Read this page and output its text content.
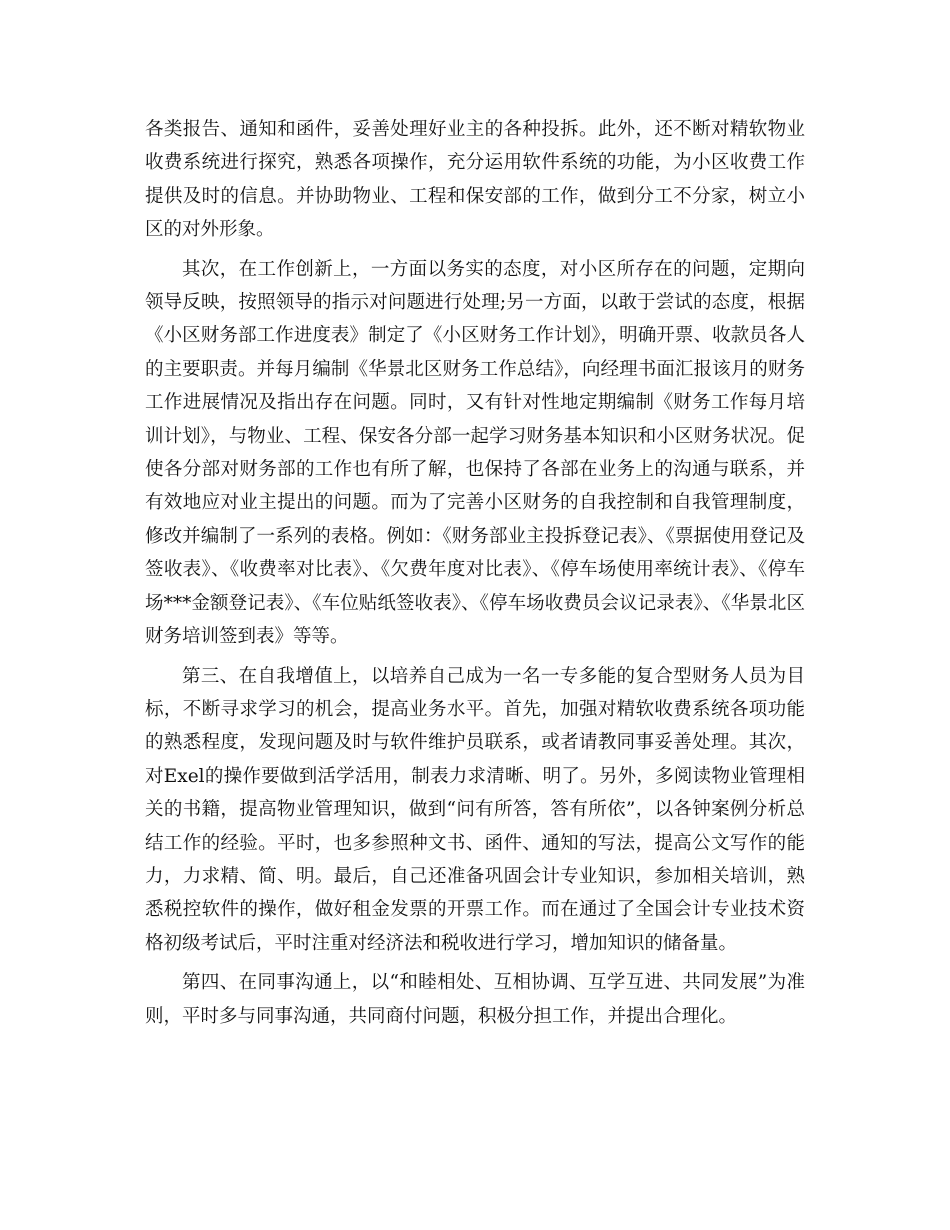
各类报告、通知和函件，妥善处理好业主的各种投拆。此外，还不断对精软物业收费系统进行探究，熟悉各项操作，充分运用软件系统的功能，为小区收费工作提供及时的信息。并协助物业、工程和保安部的工作，做到分工不分家，树立小区的对外形象。

其次，在工作创新上，一方面以务实的态度，对小区所存在的问题，定期向领导反映，按照领导的指示对问题进行处理;另一方面，以敢于尝试的态度，根据《小区财务部工作进度表》制定了《小区财务工作计划》，明确开票、收款员各人的主要职责。并每月编制《华景北区财务工作总结》，向经理书面汇报该月的财务工作进展情况及指出存在问题。同时，又有针对性地定期编制《财务工作每月培训计划》，与物业、工程、保安各分部一起学习财务基本知识和小区财务状况。促使各分部对财务部的工作也有所了解，也保持了各部在业务上的沟通与联系，并有效地应对业主提出的问题。而为了完善小区财务的自我控制和自我管理制度，修改并编制了一系列的表格。例如：《财务部业主投拆登记表》、《票据使用登记及签收表》、《收费率对比表》、《欠费年度对比表》、《停车场使用率统计表》、《停车场***金额登记表》、《车位贴纸签收表》、《停车场收费员会议记录表》、《华景北区财务培训签到表》等等。

第三、在自我增值上，以培养自己成为一名一专多能的复合型财务人员为目标，不断寻求学习的机会，提高业务水平。首先，加强对精软收费系统各项功能的熟悉程度，发现问题及时与软件维护员联系，或者请教同事妥善处理。其次，对Exel的操作要做到活学活用，制表力求清晰、明了。另外，多阅读物业管理相关的书籍，提高物业管理知识，做到“问有所答，答有所依”，以各钟案例分析总结工作的经验。平时，也多参照种文书、函件、通知的写法，提高公文写作的能力，力求精、简、明。最后，自己还准备巩固会计专业知识，参加相关培训，熟悉税控软件的操作，做好租金发票的开票工作。而在通过了全国会计专业技术资格初级考试后，平时注重对经济法和税收进行学习，增加知识的储备量。

第四、在同事沟通上，以“和睦相处、互相协调、互学互进、共同发展”为准则，平时多与同事沟通，共同商付问题，积极分担工作，并提出合理化。
